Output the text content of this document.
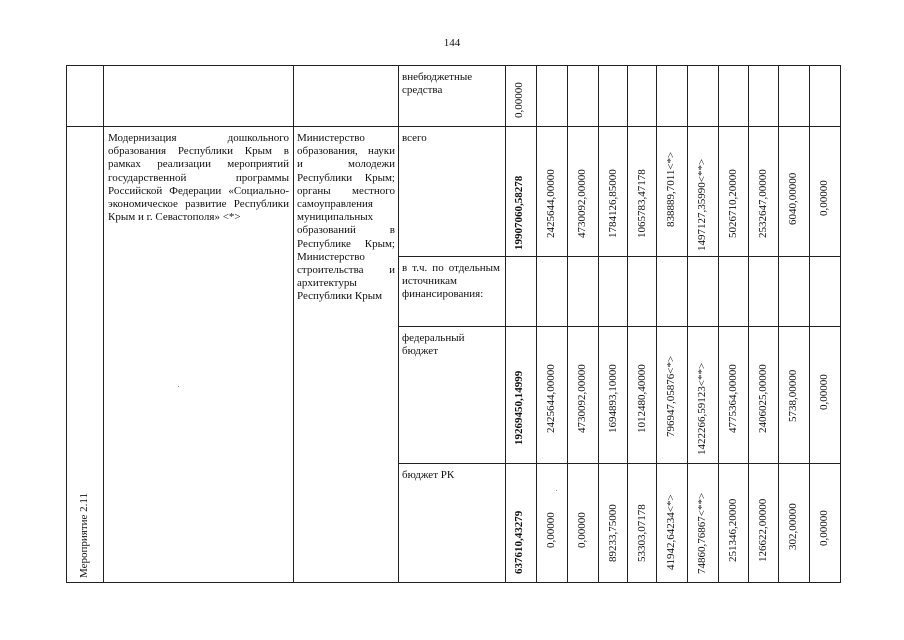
144
внебюджетные средства	0,00000
Мероприятие 2.11
Модернизация дошкольного образования Республики Крым в рамках реализации мероприятий государственной программы Российской Федерации «Социально-экономическое развитие Республики Крым и г. Севастополя» <*>
Министерство образования, науки и молодежи Республики Крым; органы местного самоуправления муниципальных образований в Республике Крым; Министерство строительства и архитектуры Республики Крым
всего
в т.ч. по отдельным источникам финансирования:
федеральный бюджет
бюджет РК
19907060,58278 2425644,00000 4730092,00000 1784126,85000 1065783,47178 838889,7011<*> 1497127,35990<**> 5026710,20000 2532647,00000 6040,00000 0,00000
19269450,14999 2425644,00000 4730092,00000 1694893,10000 1012480,40000 796947,05876<*> 1422266,59123<**> 4775364,00000 2406025,00000 5738,00000 0,00000
637610,43279 0,00000 0,00000 89233,75000 53303,07178 41942,64234<*> 74860,76867<**> 251346,20000 126622,00000 302,00000 0,00000
